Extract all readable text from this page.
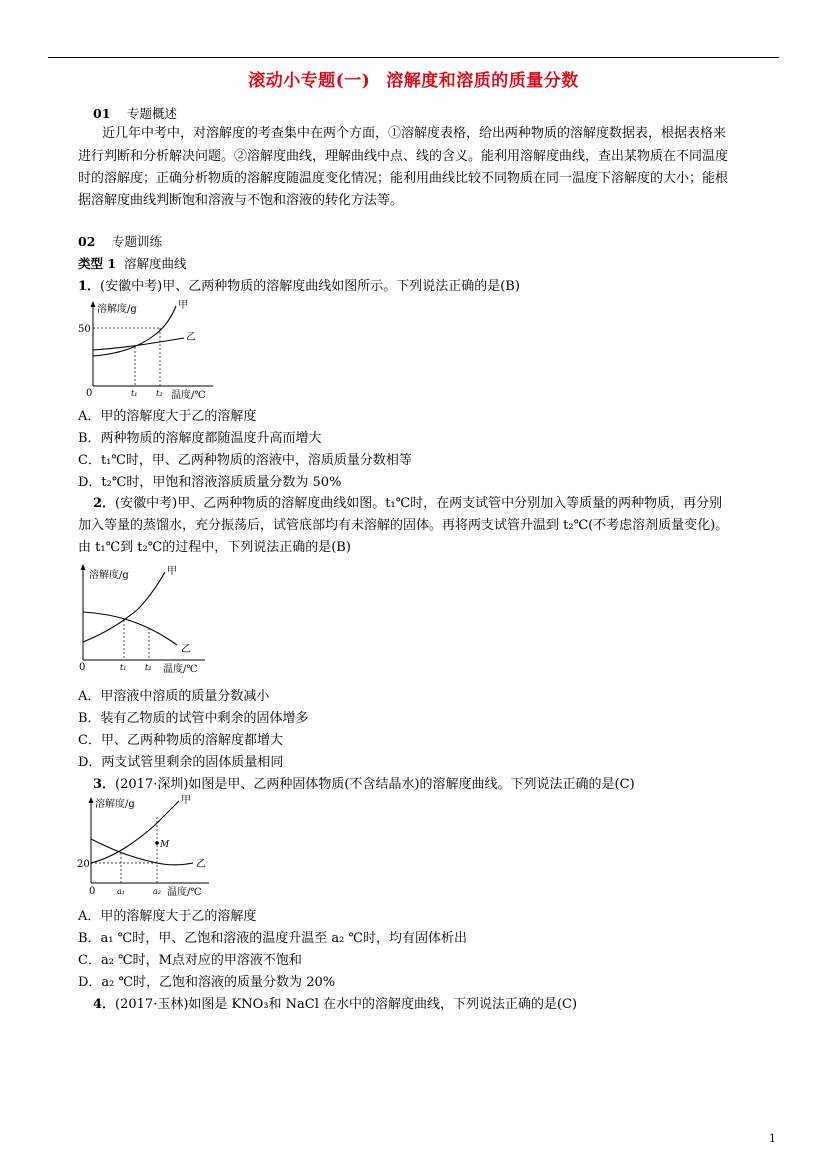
滚动小专题(一) 溶解度和溶质的质量分数
01 专题概述
近几年中考中，对溶解度的考查集中在两个方面，①溶解度表格，给出两种物质的溶解度数据表，根据表格来
进行判断和分析解决问题。②溶解度曲线，理解曲线中点、线的含义。能利用溶解度曲线，查出某物质在不同温度
时的溶解度；正确分析物质的溶解度随温度变化情况；能利用曲线比较不同物质在同一温度下溶解度的大小；能根
据溶解度曲线判断饱和溶液与不饱和溶液的转化方法等。
02 专题训练
类型 1 溶解度曲线
1．(安徽中考)甲、乙两种物质的溶解度曲线如图所示。下列说法正确的是(B)
溶解度/g
50
0
甲
乙
t₁ t₂ 温度/℃
A．甲的溶解度大于乙的溶解度
B．两种物质的溶解度都随温度升高而增大
C．t₁℃时，甲、乙两种物质的溶液中，溶质质量分数相等
D．t₂℃时，甲饱和溶液溶质质量分数为 50%
2．(安徽中考)甲、乙两种物质的溶解度曲线如图。t₁℃时，在两支试管中分别加入等质量的两种物质，再分别
加入等量的蒸馏水，充分振荡后，试管底部均有未溶解的固体。再将两支试管升温到 t₂℃(不考虑溶剂质量变化)。
由 t₁℃到 t₂℃的过程中，下列说法正确的是(B)
溶解度/g
0
甲
乙
t₁ t₂ 温度/℃
A．甲溶液中溶质的质量分数减小
B．装有乙物质的试管中剩余的固体增多
C．甲、乙两种物质的溶解度都增大
D．两支试管里剩余的固体质量相同
3．(2017·深圳)如图是甲、乙两种固体物质(不含结晶水)的溶解度曲线。下列说法正确的是(C)
溶解度/g
20
0
M
甲
乙
a₁	a₂ 温度/℃
A．甲的溶解度大于乙的溶解度
B．a₁ ℃时，甲、乙饱和溶液的温度升温至 a₂ ℃时，均有固体析出
C．a₂ ℃时，M点对应的甲溶液不饱和
D．a₂ ℃时，乙饱和溶液的质量分数为 20%
4．(2017·玉林)如图是 KNO₃和 NaCl 在水中的溶解度曲线，下列说法正确的是(C)
1
